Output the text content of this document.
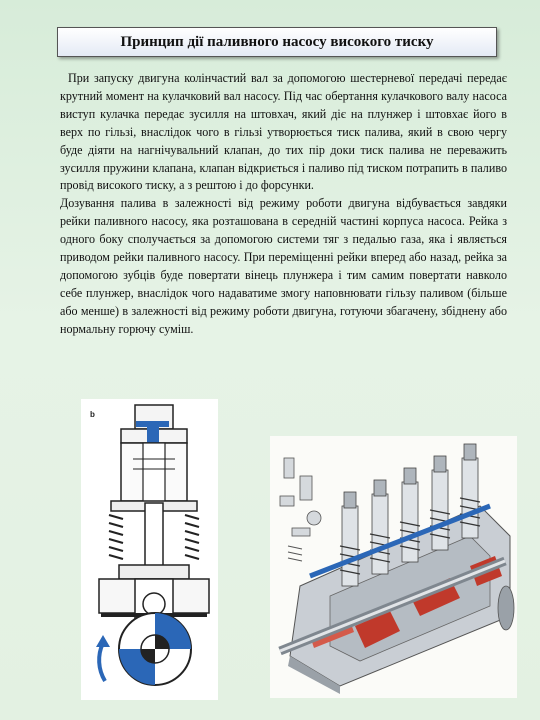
Принцип дії паливного насосу високого тиску

При запуску двигуна колінчастий вал за допомогою шестерневої передачі передає крутний момент на кулачковий вал насосу. Під час обертання кулачкового валу насоса виступ кулачка передає зусилля на штовхач, який діє на плунжер і штовхає його в верх по гільзі, внаслідок чого в гільзі утворюється тиск палива, який в свою чергу буде діяти на нагнічувальний клапан, до тих пір доки тиск палива не переважить зусилля пружини клапана, клапан відкриється і паливо під тиском потрапить в паливо провід високого тиску, а з рештою і до форсунки.

Дозування палива в залежності від режиму роботи двигуна відбувається завдяки рейки паливного насосу, яка розташована в середній частині корпуса насоса. Рейка з одного боку сполучається за допомогою системи тяг з педалью газа, яка і являється приводом рейки паливного насосу. При переміщенні рейки вперед або назад, рейка за допомогою зубців буде повертати вінець плунжера і тим самим повертати навколо себе плунжер, внаслідок чого надаватиме змогу наповнювати гільзу паливом (більше або менше) в залежності від режиму роботи двигуна, готуючи збагачену, збіднену або нормальну горючу суміш.

b
